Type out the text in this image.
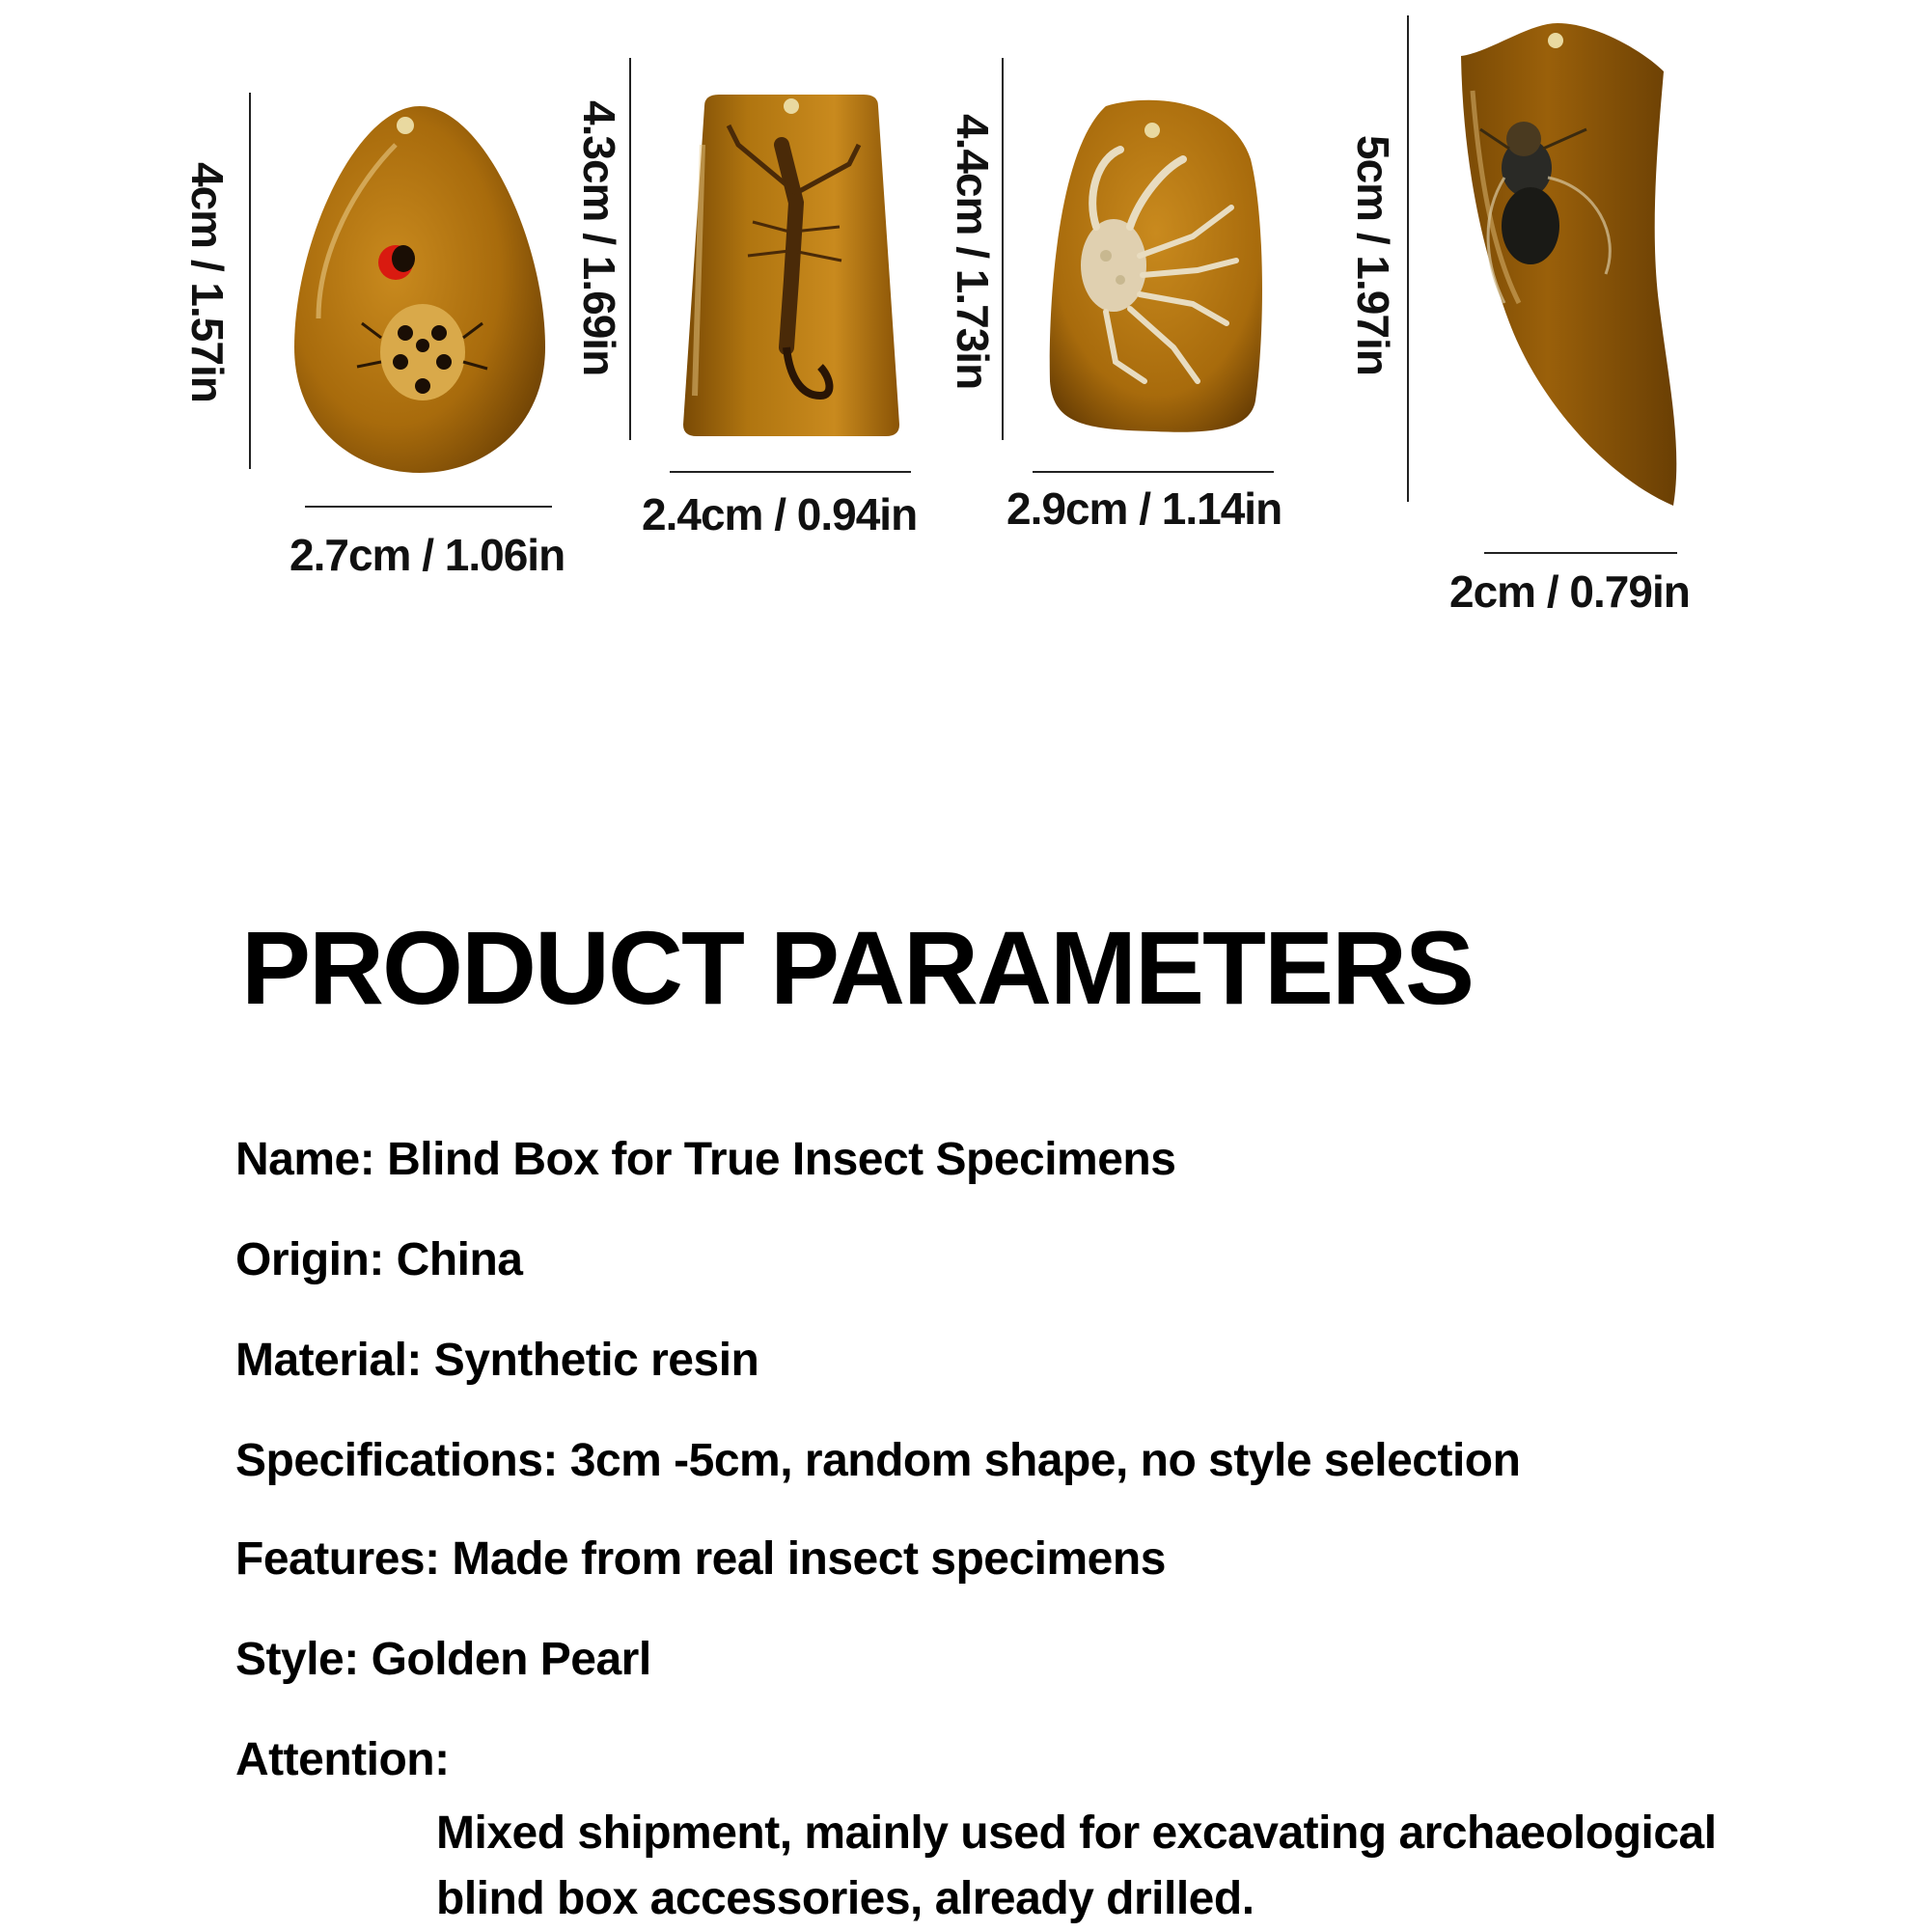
4cm / 1.57in
2.7cm / 1.06in
4.3cm / 1.69in
2.4cm / 0.94in
4.4cm / 1.73in
2.9cm / 1.14in
5cm / 1.97in
2cm / 0.79in
PRODUCT PARAMETERS
Name: Blind Box for True Insect Specimens
Origin: China
Material: Synthetic resin
Specifications: 3cm -5cm, random shape, no style selection
Features: Made from real insect specimens
Style: Golden Pearl
Attention:
Mixed shipment, mainly used for excavating archaeological
blind box accessories, already drilled.
